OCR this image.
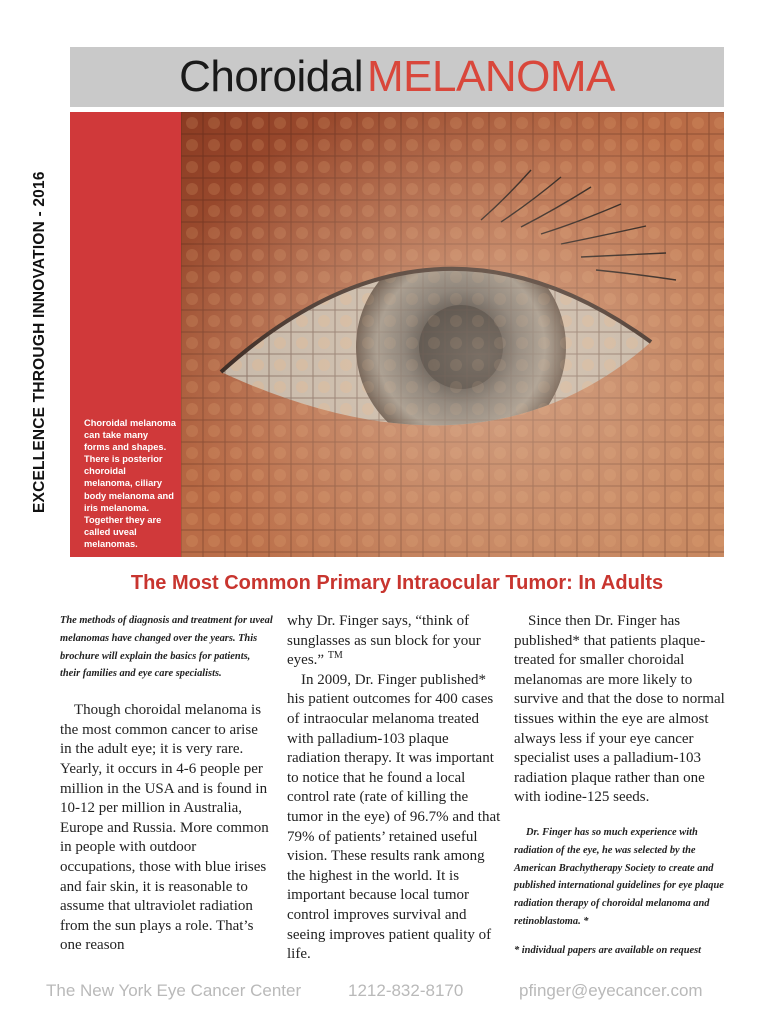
Choroidal MELANOMA
EXCELLENCE THROUGH INNOVATION - 2016	Choroidal melanoma can take many forms and shapes. There is posterior choroidal melanoma, ciliary body melanoma and iris melanoma. Together they are called uveal melanomas.
The Most Common Primary Intraocular Tumor: In Adults

The methods of diagnosis and treatment for uveal melanomas have changed over the years. This brochure will explain the basics for patients, their families and eye care specialists.

Though choroidal melanoma is the most common cancer to arise in the adult eye; it is very rare. Yearly, it occurs in 4-6 people per million in the USA and is found in 10-12 per million in Australia, Europe and Russia. More common in people with outdoor occupations, those with blue irises and fair skin, it is reasonable to assume that ultraviolet radiation from the sun plays a role. That’s one reason

why Dr. Finger says, “think of sunglasses as sun block for your eyes.” ™

In 2009, Dr. Finger published* his patient outcomes for 400 cases of intraocular melanoma treated with palladium-103 plaque radiation therapy. It was important to notice that he found a local control rate (rate of killing the tumor in the eye) of 96.7% and that 79% of patients’ retained useful vision. These results rank among the highest in the world. It is important because local tumor control improves survival and seeing improves patient quality of life.

Since then Dr. Finger has published* that patients plaque-treated for smaller choroidal melanomas are more likely to survive and that the dose to normal tissues within the eye are almost always less if your eye cancer specialist uses a palladium-103 radiation plaque rather than one with iodine-125 seeds.

Dr. Finger has so much experience with radiation of the eye, he was selected by the American Brachytherapy Society to create and published international guidelines for eye plaque radiation therapy of choroidal melanoma and retinoblastoma. *

* individual papers are available on request

The New York Eye Cancer Center	1212-832-8170	pfinger@eyecancer.com
